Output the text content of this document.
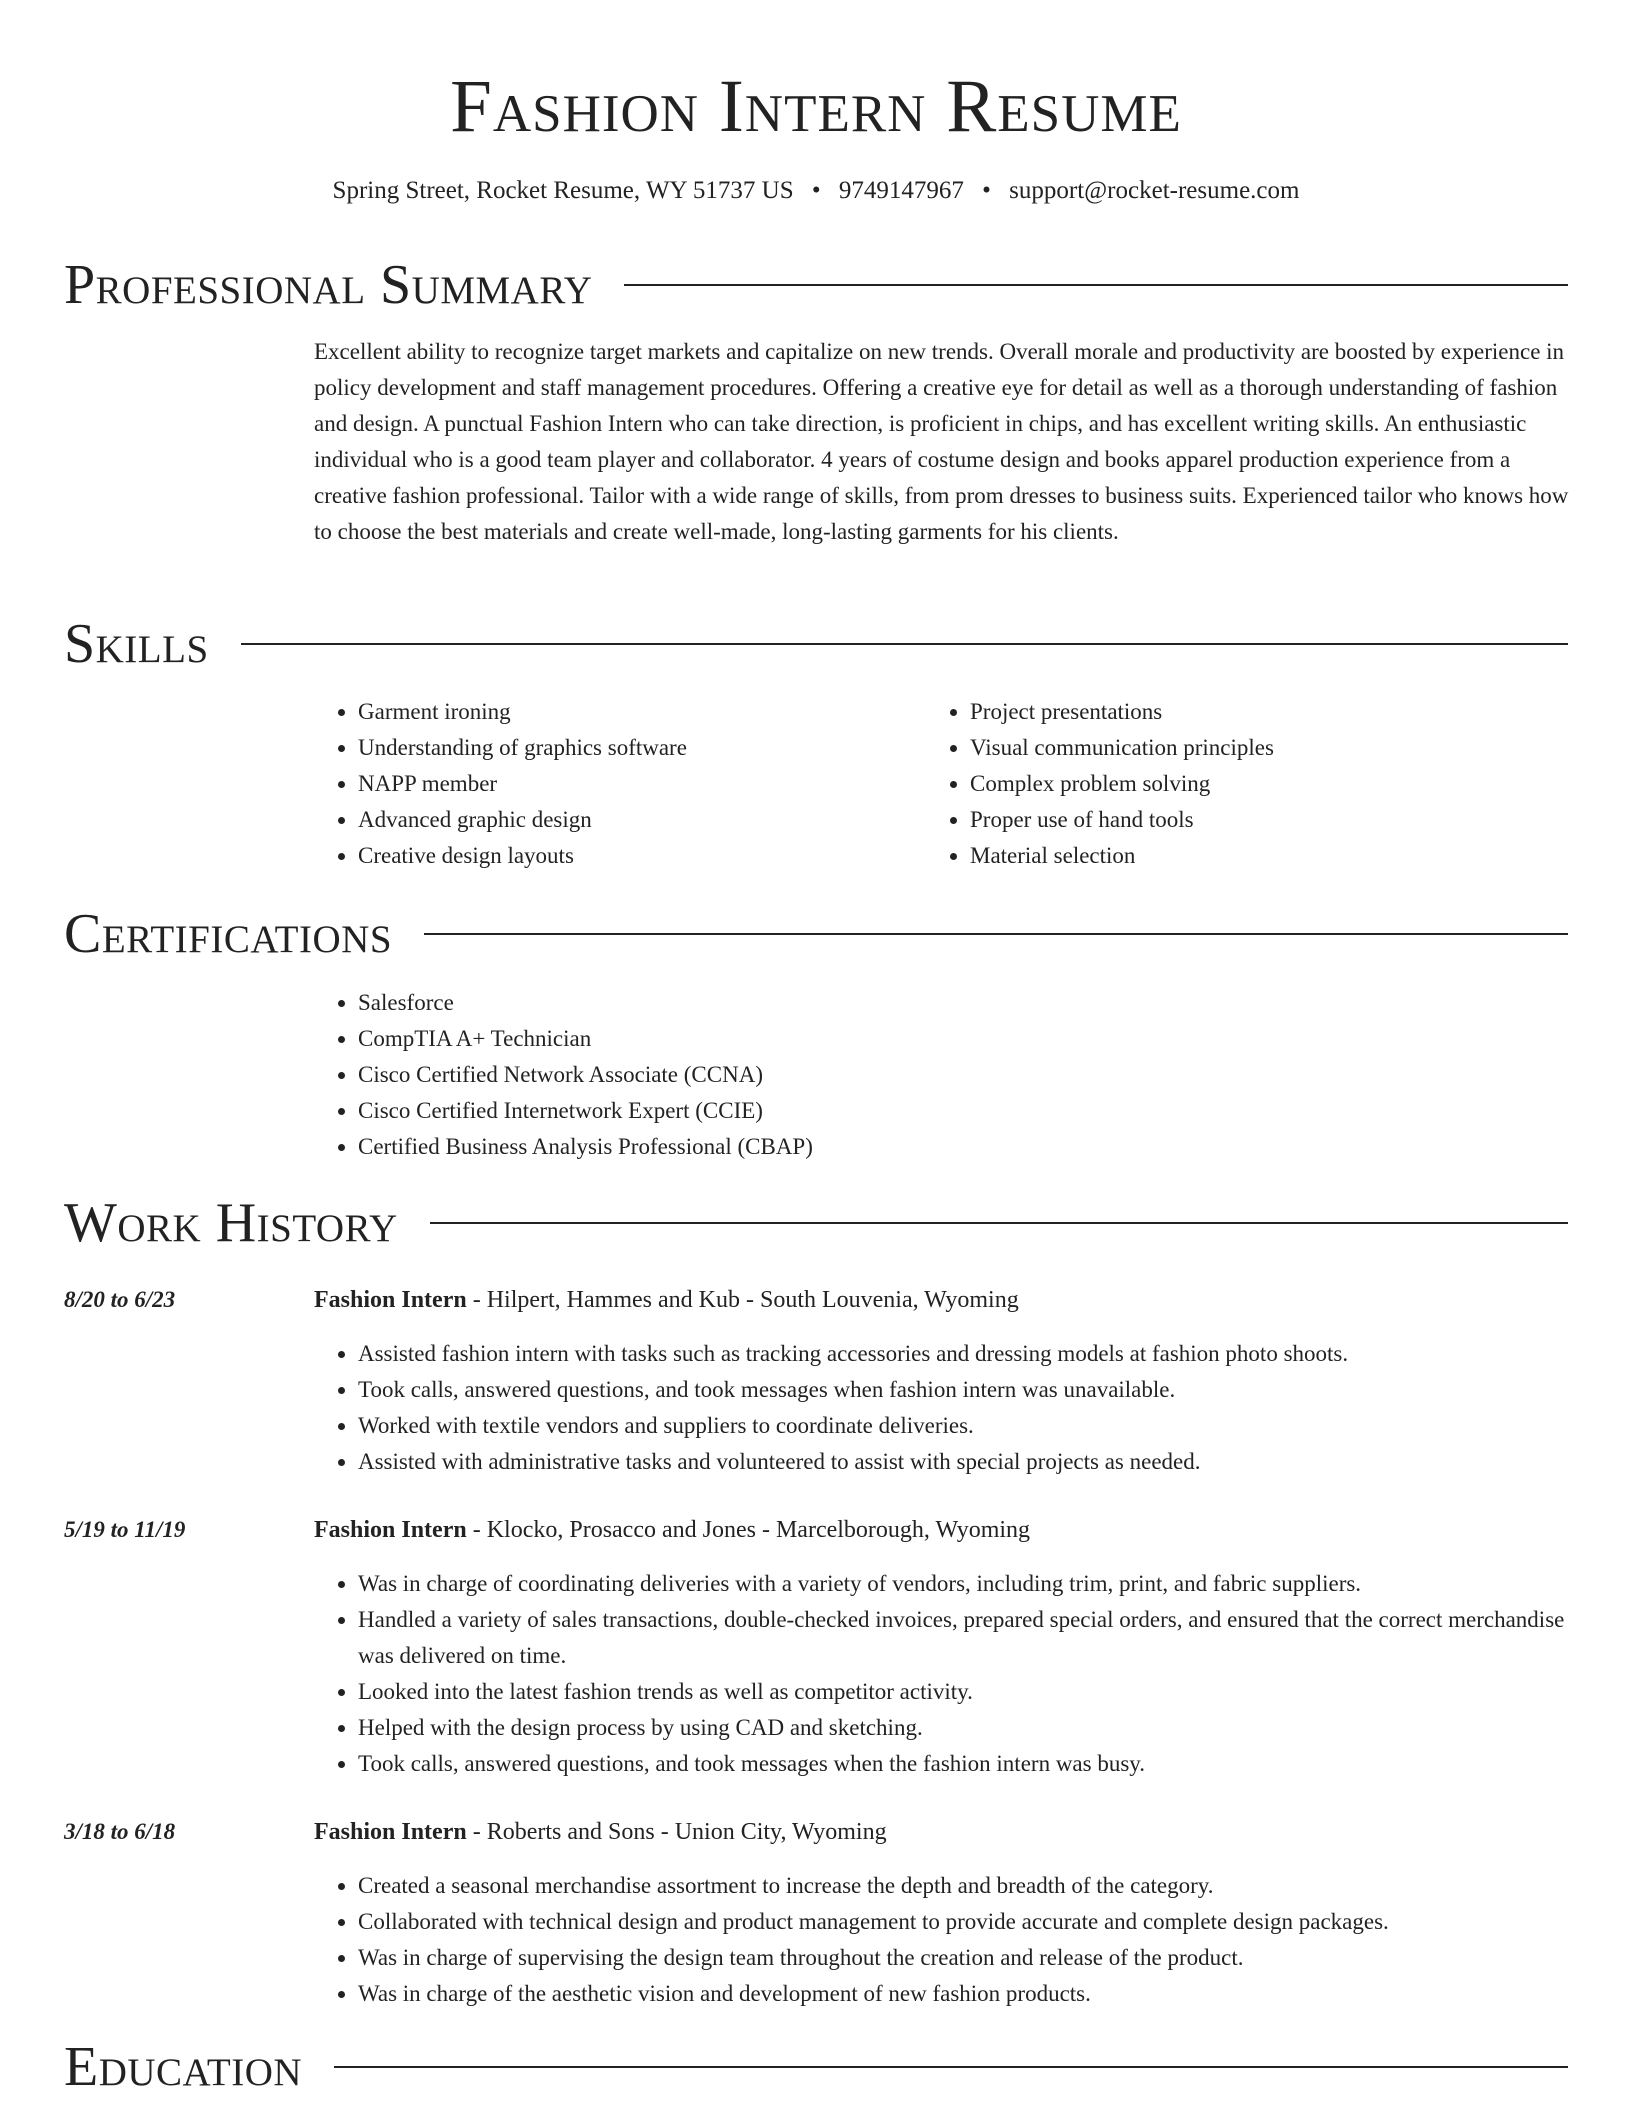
Fashion Intern Resume
Spring Street, Rocket Resume, WY 51737 US • 9749147967 • support@rocket-resume.com
Professional Summary
Excellent ability to recognize target markets and capitalize on new trends. Overall morale and productivity are boosted by experience in policy development and staff management procedures. Offering a creative eye for detail as well as a thorough understanding of fashion and design. A punctual Fashion Intern who can take direction, is proficient in chips, and has excellent writing skills. An enthusiastic individual who is a good team player and collaborator. 4 years of costume design and books apparel production experience from a creative fashion professional. Tailor with a wide range of skills, from prom dresses to business suits. Experienced tailor who knows how to choose the best materials and create well-made, long-lasting garments for his clients.
Skills
• Garment ironing
• Understanding of graphics software
• NAPP member
• Advanced graphic design
• Creative design layouts
• Project presentations
• Visual communication principles
• Complex problem solving
• Proper use of hand tools
• Material selection
Certifications
• Salesforce
• CompTIA A+ Technician
• Cisco Certified Network Associate (CCNA)
• Cisco Certified Internetwork Expert (CCIE)
• Certified Business Analysis Professional (CBAP)
Work History
8/20 to 6/23	Fashion Intern - Hilpert, Hammes and Kub - South Louvenia, Wyoming
• Assisted fashion intern with tasks such as tracking accessories and dressing models at fashion photo shoots.
• Took calls, answered questions, and took messages when fashion intern was unavailable.
• Worked with textile vendors and suppliers to coordinate deliveries.
• Assisted with administrative tasks and volunteered to assist with special projects as needed.
5/19 to 11/19	Fashion Intern - Klocko, Prosacco and Jones - Marcelborough, Wyoming
• Was in charge of coordinating deliveries with a variety of vendors, including trim, print, and fabric suppliers.
• Handled a variety of sales transactions, double-checked invoices, prepared special orders, and ensured that the correct merchandise was delivered on time.
• Looked into the latest fashion trends as well as competitor activity.
• Helped with the design process by using CAD and sketching.
• Took calls, answered questions, and took messages when the fashion intern was busy.
3/18 to 6/18	Fashion Intern - Roberts and Sons - Union City, Wyoming
• Created a seasonal merchandise assortment to increase the depth and breadth of the category.
• Collaborated with technical design and product management to provide accurate and complete design packages.
• Was in charge of supervising the design team throughout the creation and release of the product.
• Was in charge of the aesthetic vision and development of new fashion products.
Education
